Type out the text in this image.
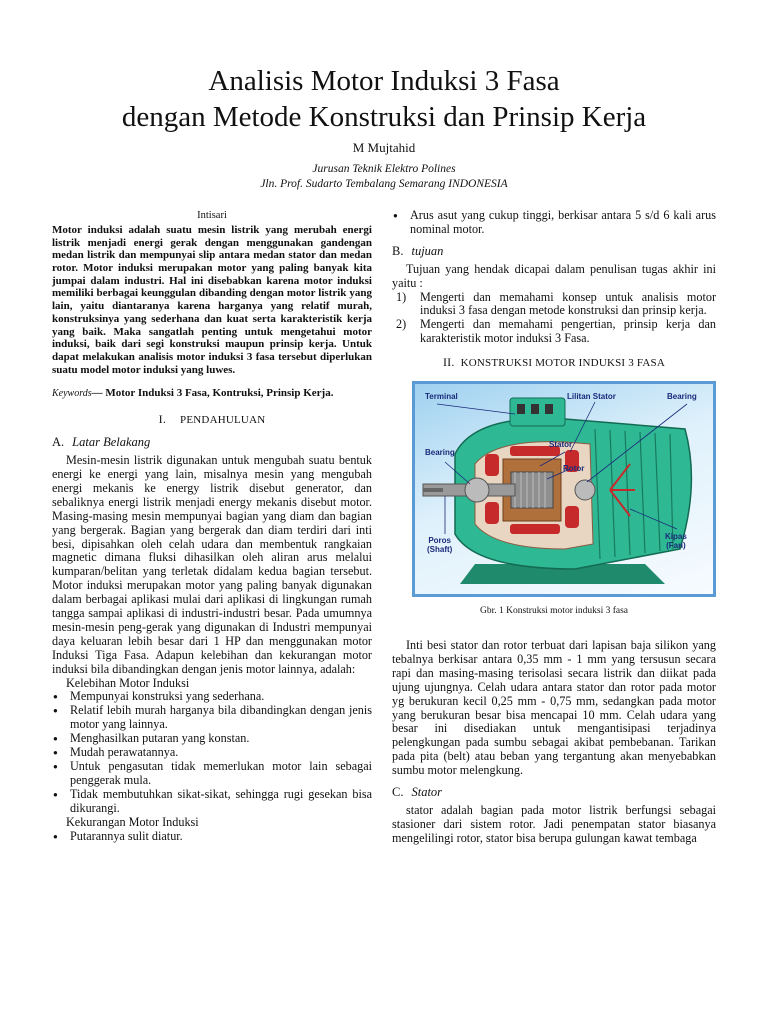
Analisis Motor Induksi 3 Fasa
dengan Metode Konstruksi dan Prinsip Kerja
M Mujtahid
Jurusan Teknik Elektro Polines
Jln. Prof. Sudarto Tembalang Semarang INDONESIA
Intisari
Motor induksi adalah suatu mesin listrik yang merubah energi listrik menjadi energi gerak dengan menggunakan gandengan medan listrik dan mempunyai slip antara medan stator dan medan rotor. Motor induksi merupakan motor yang paling banyak kita jumpai dalam industri. Hal ini disebabkan karena motor induksi memiliki berbagai keunggulan dibanding dengan motor listrik yang lain, yaitu diantaranya karena harganya yang relatif murah, konstruksinya yang sederhana dan kuat serta karakteristik kerja yang baik. Maka sangatlah penting untuk mengetahui motor induksi, baik dari segi konstruksi maupun prinsip kerja. Untuk dapat melakukan analisis motor induksi 3 fasa tersebut diperlukan suatu model motor induksi yang luwes.
Keywords— Motor Induksi 3 Fasa, Kontruksi, Prinsip Kerja.
I. PENDAHULUAN
A. Latar Belakang
Mesin-mesin listrik digunakan untuk mengubah suatu bentuk energi ke energi yang lain, misalnya mesin yang mengubah energi mekanis ke energy listrik disebut generator, dan sebaliknya energi listrik menjadi energy mekanis disebut motor. Masing-masing mesin mempunyai bagian yang diam dan bagian yang bergerak. Bagian yang bergerak dan diam terdiri dari inti besi, dipisahkan oleh celah udara dan membentuk rangkaian magnetic dimana fluksi dihasilkan oleh aliran arus melalui kumparan/belitan yang terletak didalam kedua bagian tersebut. Motor induksi merupakan motor yang paling banyak digunakan dalam berbagai aplikasi mulai dari aplikasi di lingkungan rumah tangga sampai aplikasi di industri-industri besar. Pada umumnya mesin-mesin peng-gerak yang digunakan di Industri mempunyai daya keluaran lebih besar dari 1 HP dan menggunakan motor Induksi Tiga Fasa. Adapun kelebihan dan kekurangan motor induksi bila dibandingkan dengan jenis motor lainnya, adalah:
Kelebihan Motor Induksi
● Mempunyai konstruksi yang sederhana.
● Relatif lebih murah harganya bila dibandingkan dengan jenis motor yang lainnya.
● Menghasilkan putaran yang konstan.
● Mudah perawatannya.
● Untuk pengasutan tidak memerlukan motor lain sebagai penggerak mula.
● Tidak membutuhkan sikat-sikat, sehingga rugi gesekan bisa dikurangi.
Kekurangan Motor Induksi
● Putarannya sulit diatur.
● Arus asut yang cukup tinggi, berkisar antara 5 s/d 6 kali arus nominal motor.
B. tujuan
Tujuan yang hendak dicapai dalam penulisan tugas akhir ini yaitu :
1) Mengerti dan memahami konsep untuk analisis motor induksi 3 fasa dengan metode konstruksi dan prinsip kerja.
2) Mengerti dan memahami pengertian, prinsip kerja dan karakteristik motor induksi 3 Fasa.
II. KONSTRUKSI MOTOR INDUKSI 3 FASA
Terminal	Lilitan Stator	Bearing
Bearing
Stator
Rotor
Poros
(Shaft)
Kipas
(Fan)
Gbr. 1 Konstruksi motor induksi 3 fasa
Inti besi stator dan rotor terbuat dari lapisan baja silikon yang tebalnya berkisar antara 0,35 mm - 1 mm yang tersusun secara rapi dan masing-masing terisolasi secara listrik dan diikat pada ujung ujungnya. Celah udara antara stator dan rotor pada motor yg berukuran kecil 0,25 mm - 0,75 mm, sedangkan pada motor yang berukuran besar bisa mencapai 10 mm. Celah udara yang besar ini disediakan untuk mengantisipasi terjadinya pelengkungan pada sumbu sebagai akibat pembebanan. Tarikan pada pita (belt) atau beban yang tergantung akan menyebabkan sumbu motor melengkung.
C. Stator
stator adalah bagian pada motor listrik berfungsi sebagai stasioner dari sistem rotor. Jadi penempatan stator biasanya mengelilingi rotor, stator bisa berupa gulungan kawat tembaga
